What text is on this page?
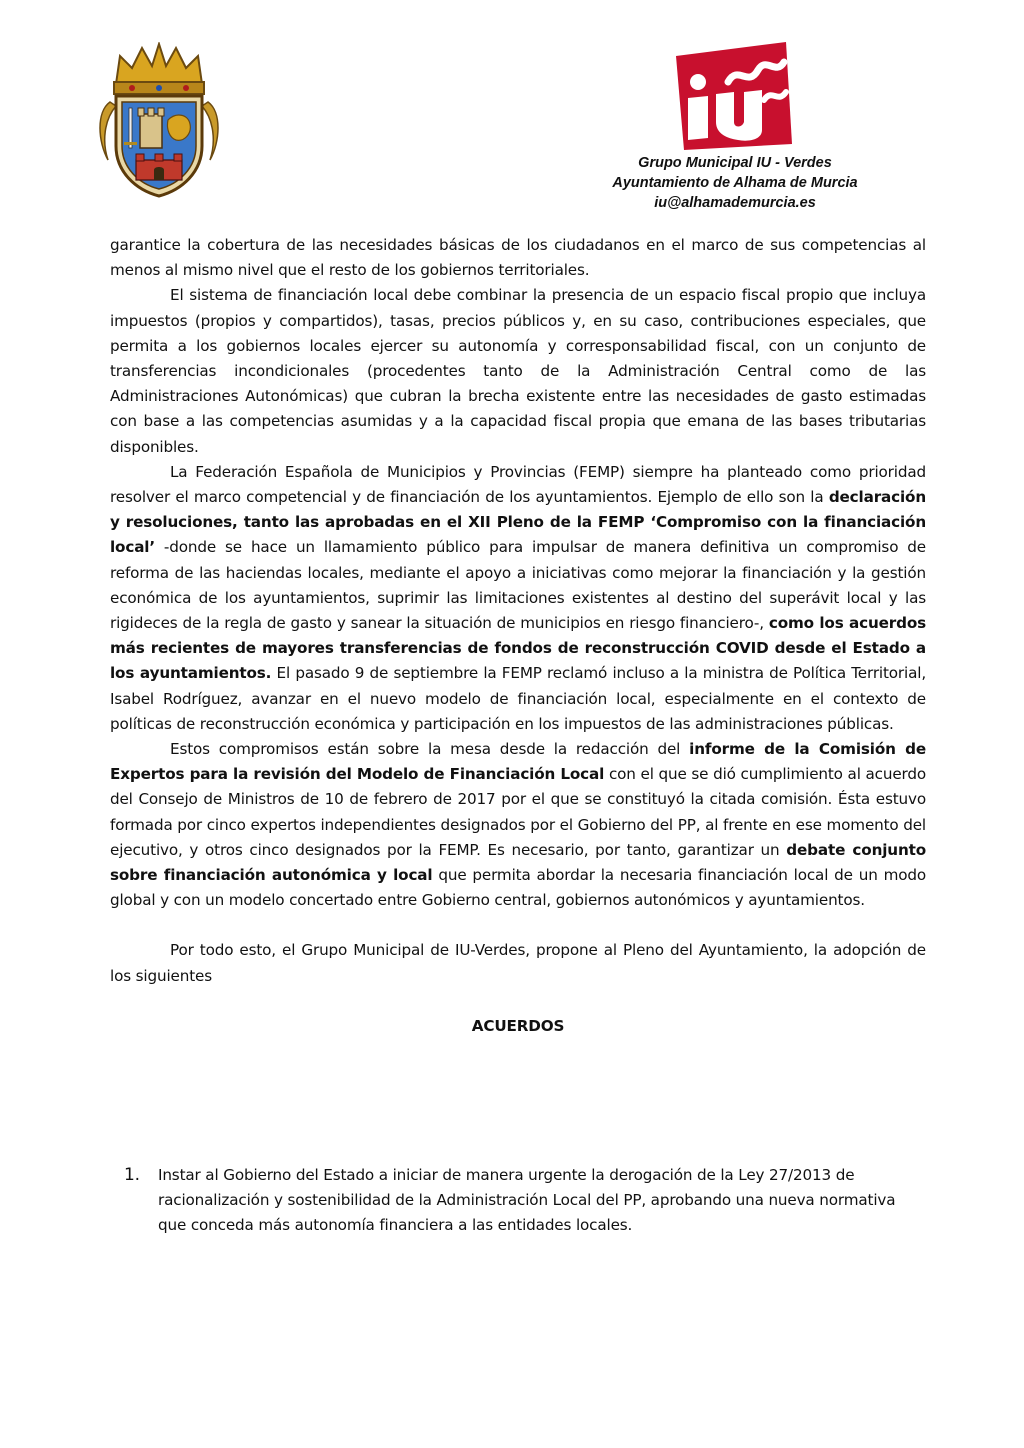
Grupo Municipal IU - Verdes
Ayuntamiento de Alhama de Murcia
iu@alhamademurcia.es

garantice la cobertura de las necesidades básicas de los ciudadanos en el marco de sus competencias al menos al mismo nivel que el resto de los gobiernos territoriales.

El sistema de financiación local debe combinar la presencia de un espacio fiscal propio que incluya impuestos (propios y compartidos), tasas, precios públicos y, en su caso, contribuciones especiales, que permita a los gobiernos locales ejercer su autonomía y corresponsabilidad fiscal, con un conjunto de transferencias incondicionales (procedentes tanto de la Administración Central como de las Administraciones Autonómicas) que cubran la brecha existente entre las necesidades de gasto estimadas con base a las competencias asumidas y a la capacidad fiscal propia que emana de las bases tributarias disponibles.

La Federación Española de Municipios y Provincias (FEMP) siempre ha planteado como prioridad resolver el marco competencial y de financiación de los ayuntamientos. Ejemplo de ello son la declaración y resoluciones, tanto las aprobadas en el XII Pleno de la FEMP ‘Compromiso con la financiación local’ -donde se hace un llamamiento público para impulsar de manera definitiva un compromiso de reforma de las haciendas locales, mediante el apoyo a iniciativas como mejorar la financiación y la gestión económica de los ayuntamientos, suprimir las limitaciones existentes al destino del superávit local y las rigideces de la regla de gasto y sanear la situación de municipios en riesgo financiero-, como los acuerdos más recientes de mayores transferencias de fondos de reconstrucción COVID desde el Estado a los ayuntamientos. El pasado 9 de septiembre la FEMP reclamó incluso a la ministra de Política Territorial, Isabel Rodríguez, avanzar en el nuevo modelo de financiación local, especialmente en el contexto de políticas de reconstrucción económica y participación en los impuestos de las administraciones públicas.

Estos compromisos están sobre la mesa desde la redacción del informe de la Comisión de Expertos para la revisión del Modelo de Financiación Local con el que se dió cumplimiento al acuerdo del Consejo de Ministros de 10 de febrero de 2017 por el que se constituyó la citada comisión. Ésta estuvo formada por cinco expertos independientes designados por el Gobierno del PP, al frente en ese momento del ejecutivo, y otros cinco designados por la FEMP. Es necesario, por tanto, garantizar un debate conjunto sobre financiación autonómica y local que permita abordar la necesaria financiación local de un modo global y con un modelo concertado entre Gobierno central, gobiernos autonómicos y ayuntamientos.

Por todo esto, el Grupo Municipal de IU-Verdes, propone al Pleno del Ayuntamiento, la adopción de los siguientes

ACUERDOS

1. Instar al Gobierno del Estado a iniciar de manera urgente la derogación de la Ley 27/2013 de racionalización y sostenibilidad de la Administración Local del PP, aprobando una nueva normativa que conceda más autonomía financiera a las entidades locales.
